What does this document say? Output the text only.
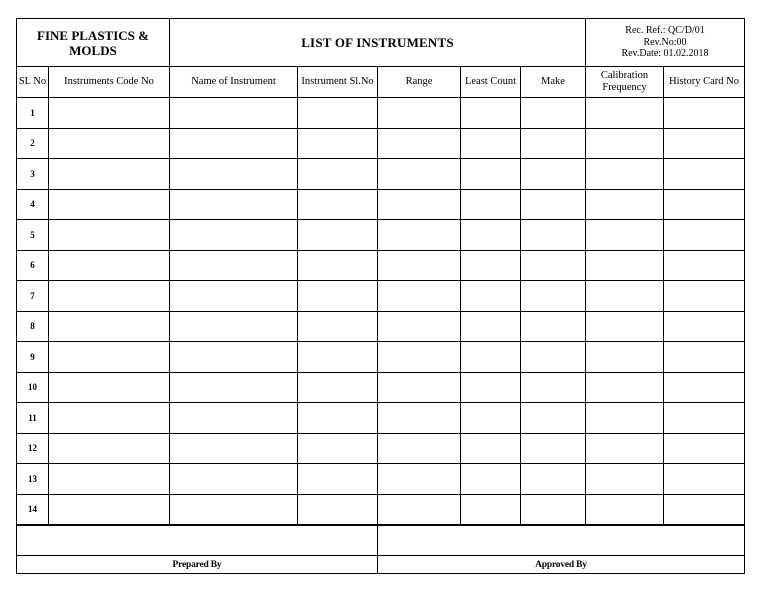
FINE PLASTICS & MOLDS	LIST OF INSTRUMENTS	
Rec. Ref.: QC/D/01
Rev.No:00
Rev.Date: 01.02.2018
SL No	Instruments Code No	Name of Instrument	Instrument Sl.No	Range	Least Count	Make	Calibration Frequency	History Card No
1								
2								
3								
4								
5								
6								
7								
8								
9								
10								
11								
12								
13								
14								

Prepared By	Approved By
